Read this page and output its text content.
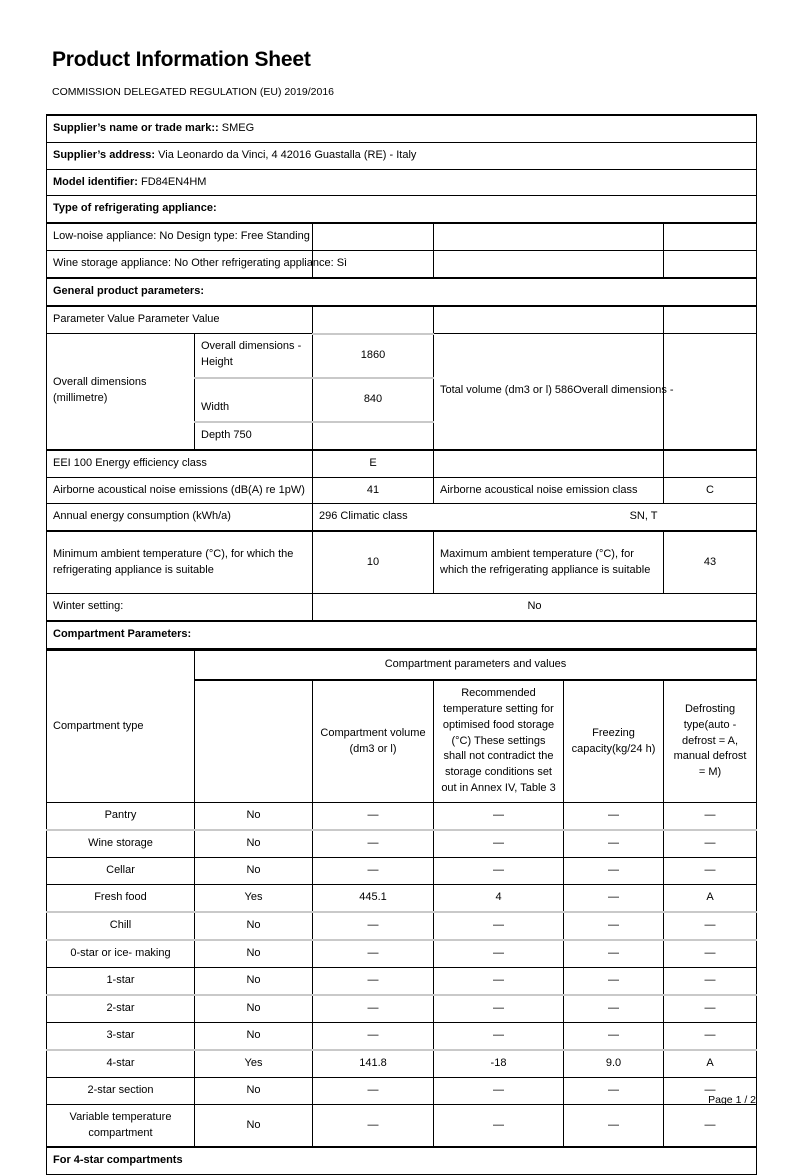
Product Information Sheet
COMMISSION DELEGATED REGULATION (EU) 2019/2016
Supplier’s name or trade mark:: SMEG				
Supplier’s address: Via Leonardo da Vinci, 4 42016 Guastalla (RE) - Italy				
Model identifier: FD84EN4HM				
Type of refrigerating appliance:				
Low-noise appliance: No Design type: Free Standing				
Wine storage appliance: No Other refrigerating appliance: Sì				
General product parameters:				
Parameter Value Parameter Value				
Overall dimensions (millimetre)	Overall dimensions - Height	1860	Total volume (dm3 or l) 586Overall dimensions -	
	Width	840		
	Depth 750			
EEI 100 Energy efficiency class		E		
Airborne acoustical noise emissions (dB(A) re 1pW)		41	Airborne acoustical noise emission class	C
Annual energy consumption (kWh/a)		296 Climatic class SN, T		

Minimum ambient temperature (°C), for which the refrigerating appliance is suitable		10	Maximum ambient temperature (°C), for which the refrigerating appliance is suitable	43
Winter setting:		No		
Compartment Parameters:				
Compartment type	Compartment parameters and values				
		Compartment volume (dm3 or l)	Recommended temperature setting for optimised food storage (°C) These settings shall not contradict the storage conditions set out in Annex IV, Table 3	Freezing capacity(kg/24 h)	Defrosting type(auto - defrost = A, manual defrost = M)
Pantry	No	—	—	—	—
Wine storage	No	—	—	—	—
Cellar	No	—	—	—	—
Fresh food	Yes	445.1	4	—	A
Chill	No	—	—	—	—
0-star or ice- making	No	—	—	—	—
1-star	No	—	—	—	—
2-star	No	—	—	—	—
3-star	No	—	—	—	—
4-star	Yes	141.8	-18	9.0	A
2-star section	No	—	—	—	—
Variable temperature compartment	No	—	—	—	—
For 4-star compartments					
Page 1 / 2
